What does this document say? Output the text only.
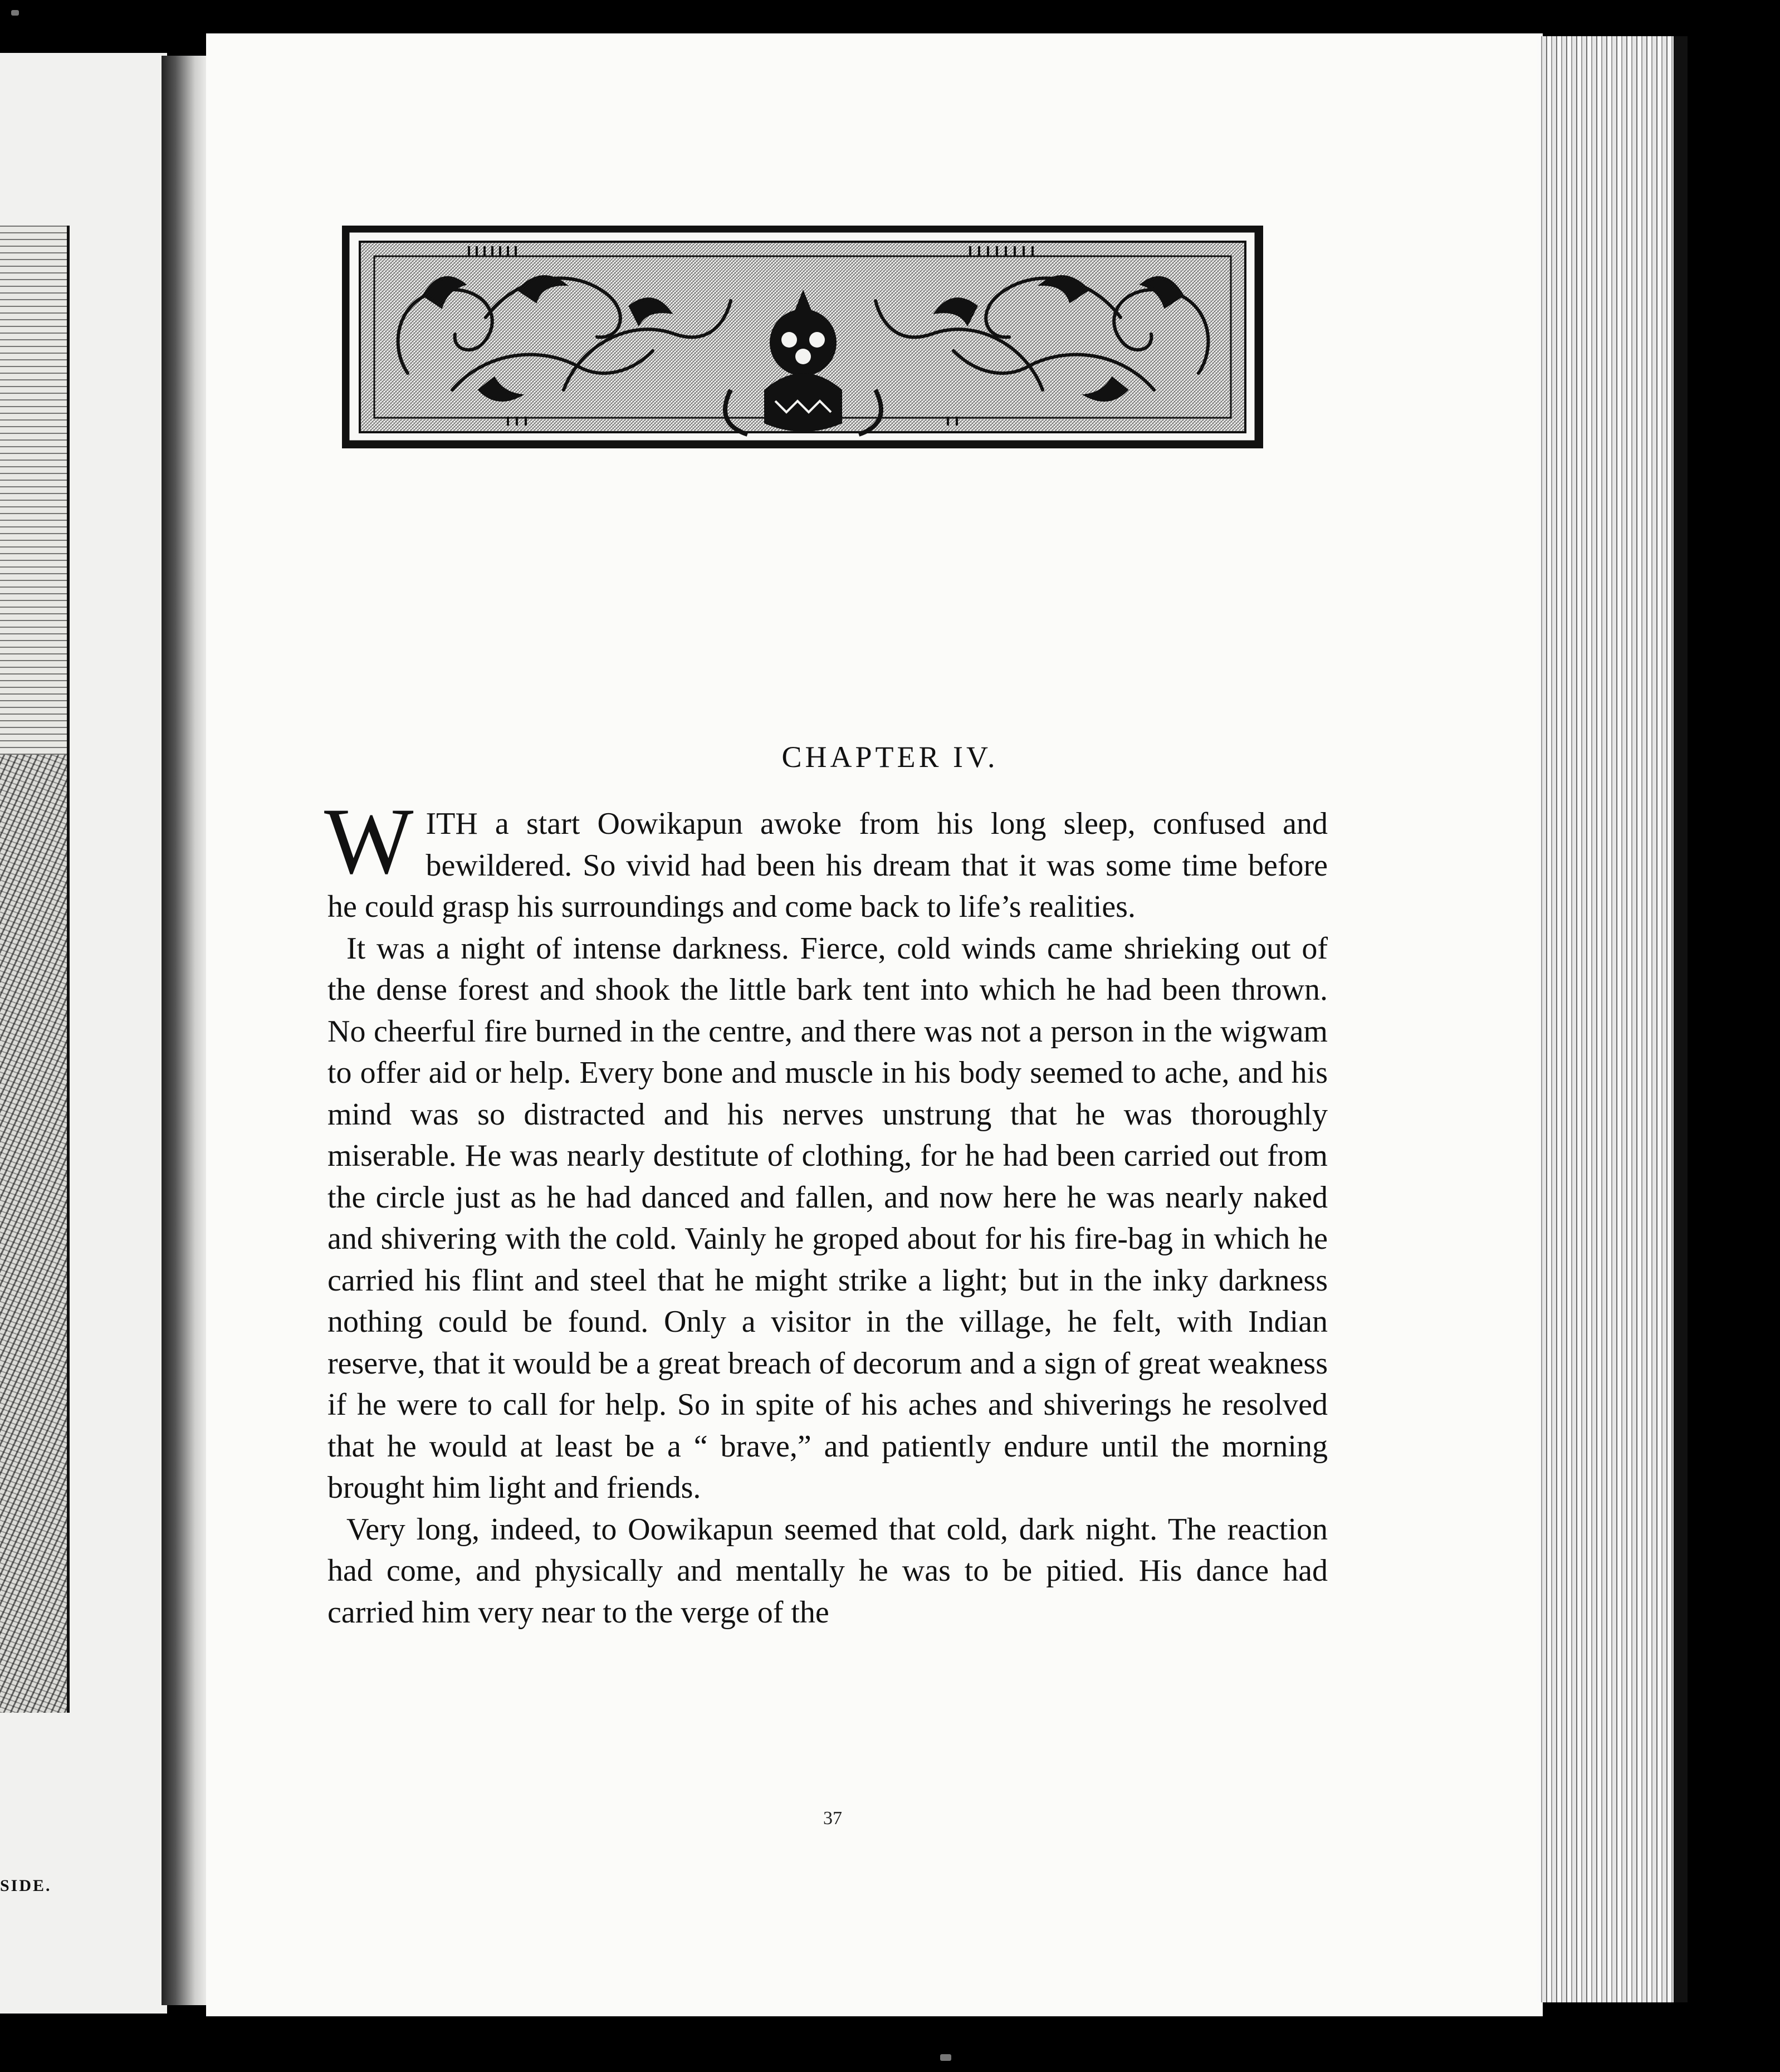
SIDE.
CHAPTER IV.

WITH a start Oowikapun awoke from his long sleep, confused and bewildered. So vivid had been his dream that it was some time before he could grasp his surroundings and come back to life’s realities.

It was a night of intense darkness. Fierce, cold winds came shrieking out of the dense forest and shook the little bark tent into which he had been thrown. No cheerful fire burned in the centre, and there was not a person in the wigwam to offer aid or help. Every bone and muscle in his body seemed to ache, and his mind was so distracted and his nerves unstrung that he was thoroughly miserable. He was nearly destitute of clothing, for he had been carried out from the circle just as he had danced and fallen, and now here he was nearly naked and shivering with the cold. Vainly he groped about for his fire-bag in which he carried his flint and steel that he might strike a light; but in the inky darkness nothing could be found. Only a visitor in the village, he felt, with Indian reserve, that it would be a great breach of decorum and a sign of great weakness if he were to call for help. So in spite of his aches and shiverings he resolved that he would at least be a “ brave,” and patiently endure until the morning brought him light and friends.

Very long, indeed, to Oowikapun seemed that cold, dark night. The reaction had come, and physically and mentally he was to be pitied. His dance had carried him very near to the verge of the

37
